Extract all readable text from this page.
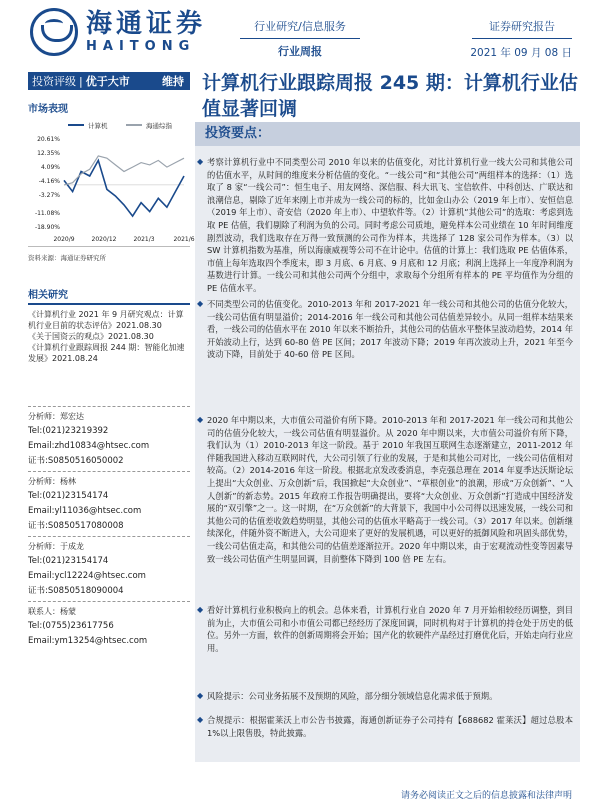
海通证券
HAITONG
行业研究/信息服务
行业周报
证券研究报告
2021 年 09 月 08 日
投资评级 | 优于大市	维持 计算机行业跟踪周报 245 期：计算机行业估值显著回调
市场表现
计算机	海通综指
20.61%
12.35%
4.09%
-4.16%
-3.27%
-11.08%
-18.90%
2020/9	2020/12	2021/3	2021/6
资料来源：海通证券研究所
相关研究
《计算机行业 2021 年 9 月研究观点：计算机行业目前的状态评估》2021.08.30
《关于国资云的观点》2021.08.30
《计算机行业跟踪周报 244 期：智能化加速发展》2021.08.24
分析师：郑宏达
Tel:(021)23219392
Email:zhd10834@htsec.com
证书:S0850516050002
分析师：杨林
Tel:(021)23154174
Email:yl11036@htsec.com
证书:S0850517080008
分析师：于成龙
Tel:(021)23154174
Email:ycl12224@htsec.com
证书:S0850518090004
联系人：杨蒙
Tel:(0755)23617756
Email:ym13254@htsec.com
投资要点：
◆ 考察计算机行业中不同类型公司 2010 年以来的估值变化，对比计算机行业一线大公司和其他公司的估值水平，从时间的维度来分析估值的变化。“一线公司”和“其他公司”两组样本的选择：（1）选取了 8 家“一线公司”：恒生电子、用友网络、深信服、科大讯飞、宝信软件、中科创达、广联达和浪潮信息，剔除了近年来刚上市并成为一线公司的标的，比如金山办公（2019 年上市）、安恒信息（2019 年上市）、奇安信（2020 年上市）、中望软件等。（2）计算机“其他公司”的选取：考虑到选取 PE 估值，我们剔除了利润为负的公司。同时考虑公司质地，避免样本公司业绩在 10 年时间维度剧烈波动，我们选取存在万得一致预测的公司作为样本，共选择了 128 家公司作为样本。（3）以 SW 计算机指数为基准，所以海康威视等公司不在计论中。估值的计算上：我们选取 PE 估值体系，市值上每年选取四个季度末，即 3 月底、6 月底、9 月底和 12 月底；利润上选择上一年度净利润为基数进行计算。一线公司和其他公司两个分组中，求取每个分组所有样本的 PE 平均值作为分组的 PE 估值水平。
◆ 不同类型公司的估值变化。2010-2013 年和 2017-2021 年一线公司和其他公司的估值分化较大，一线公司估值有明显溢价；2014-2016 年一线公司和其他公司估值差异较小。从同一组样本结果来看，一线公司的估值水平在 2010 年以来不断抬升，其他公司的估值水平整体呈波动趋势，2014 年开始波动上行，达到 60-80 倍 PE 区间；2017 年波动下降；2019 年再次波动上升，2021 年至今波动下降，目前处于 40-60 倍 PE 区间。
◆ 2020 年中期以来，大市值公司溢价有所下降。2010-2013 年和 2017-2021 年一线公司和其他公司的估值分化较大，一线公司估值有明显溢价。从 2020 年中期以来，大市值公司溢价有所下降，我们认为（1）2010-2013 年这一阶段。基于 2010 年我国互联网生态逐渐建立，2011-2012 年伴随我国进入移动互联网时代，大公司引领了行业的发展，于是和其他公司对比，一线公司估值相对较高。（2）2014-2016 年这一阶段。根据北京发改委消息，李克强总理在 2014 年夏季达沃斯论坛上提出“大众创业、万众创新”后，我国掀起“大众创业”、“草根创业”的浪潮，形成“万众创新”、“人人创新”的新态势。2015 年政府工作报告明确提出，要将“大众创业、万众创新”打造成中国经济发展的“双引擎”之一。这一时期，在“万众创新”的大背景下，我国中小公司得以迅速发展，一线公司和其他公司的估值差收敛趋势明显，其他公司的估值水平略高于一线公司。（3）2017 年以来。创新继续深化，伴随外资不断进入，大公司迎来了更好的发展机遇，可以更好的抵御风险和巩固头部优势，一线公司估值走高，和其他公司的估值差逐渐拉开。2020 年中期以来，由于宏观流动性变等因素导致一线公司估值产生明显回调，目前整体下降到 100 倍 PE 左右。
◆ 看好计算机行业积极向上的机会。总体来看，计算机行业自 2020 年 7 月开始相较经历调整，到目前为止，大市值公司和小市值公司都已经经历了深度回调，同时机构对于计算机的持仓处于历史的低位。另外一方面，软件的创新周期将会开始；国产化的软硬件产品经过打磨优化后，开始走向行业应用。
◆ 风险提示：公司业务拓展不及预期的风险，部分细分领域信息化需求低于预期。
◆ 合规提示：根据霍莱沃上市公告书披露，海通创新证券子公司持有【688682 霍莱沃】超过总股本 1%以上限售股，特此披露。
请务必阅读正文之后的信息披露和法律声明
